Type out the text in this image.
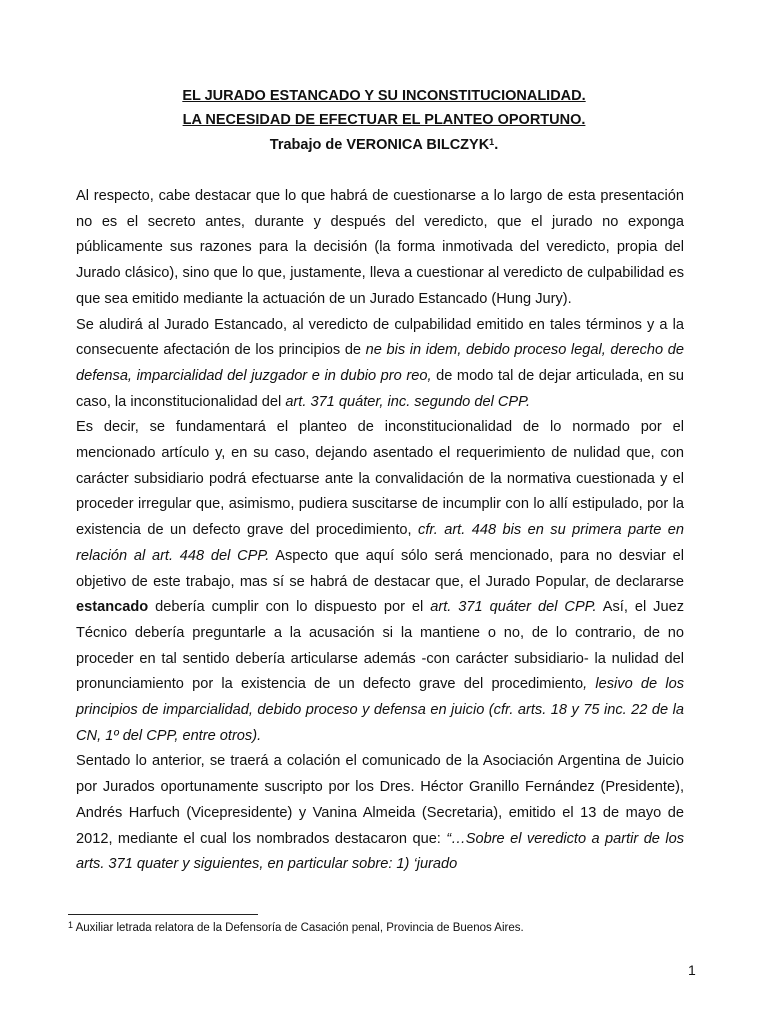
EL JURADO ESTANCADO Y SU INCONSTITUCIONALIDAD.
LA NECESIDAD DE EFECTUAR EL PLANTEO OPORTUNO.
Trabajo de VERONICA BILCZYK$^1$.

Al respecto, cabe destacar que lo que habrá de cuestionarse a lo largo de esta presentación no es el secreto antes, durante y después del veredicto, que el jurado no exponga públicamente sus razones para la decisión (la forma inmotivada del veredicto, propia del Jurado clásico), sino que lo que, justamente, lleva a cuestionar al veredicto de culpabilidad es que sea emitido mediante la actuación de un Jurado Estancado (Hung Jury).

Se aludirá al Jurado Estancado, al veredicto de culpabilidad emitido en tales términos y a la consecuente afectación de los principios de ne bis in idem, debido proceso legal, derecho de defensa, imparcialidad del juzgador e in dubio pro reo, de modo tal de dejar articulada, en su caso, la inconstitucionalidad del art. 371 quáter, inc. segundo del CPP.

Es decir, se fundamentará el planteo de inconstitucionalidad de lo normado por el mencionado artículo y, en su caso, dejando asentado el requerimiento de nulidad que, con carácter subsidiario podrá efectuarse ante la convalidación de la normativa cuestionada y el proceder irregular que, asimismo, pudiera suscitarse de incumplir con lo allí estipulado, por la existencia de un defecto grave del procedimiento, cfr. art. 448 bis en su primera parte en relación al art. 448 del CPP. Aspecto que aquí sólo será mencionado, para no desviar el objetivo de este trabajo, mas sí se habrá de destacar que, el Jurado Popular, de declararse estancado debería cumplir con lo dispuesto por el art. 371 quáter del CPP. Así, el Juez Técnico debería preguntarle a la acusación si la mantiene o no, de lo contrario, de no proceder en tal sentido debería articularse además -con carácter subsidiario- la nulidad del pronunciamiento por la existencia de un defecto grave del procedimiento, lesivo de los principios de imparcialidad, debido proceso y defensa en juicio (cfr. arts. 18 y 75 inc. 22 de la CN, 1º del CPP, entre otros).

Sentado lo anterior, se traerá a colación el comunicado de la Asociación Argentina de Juicio por Jurados oportunamente suscripto por los Dres. Héctor Granillo Fernández (Presidente), Andrés Harfuch (Vicepresidente) y Vanina Almeida (Secretaria), emitido el 13 de mayo de 2012, mediante el cual los nombrados destacaron que: “…Sobre el veredicto a partir de los arts. 371 quater y siguientes, en particular sobre: 1) ‘jurado

$^1$ Auxiliar letrada relatora de la Defensoría de Casación penal, Provincia de Buenos Aires.
1
